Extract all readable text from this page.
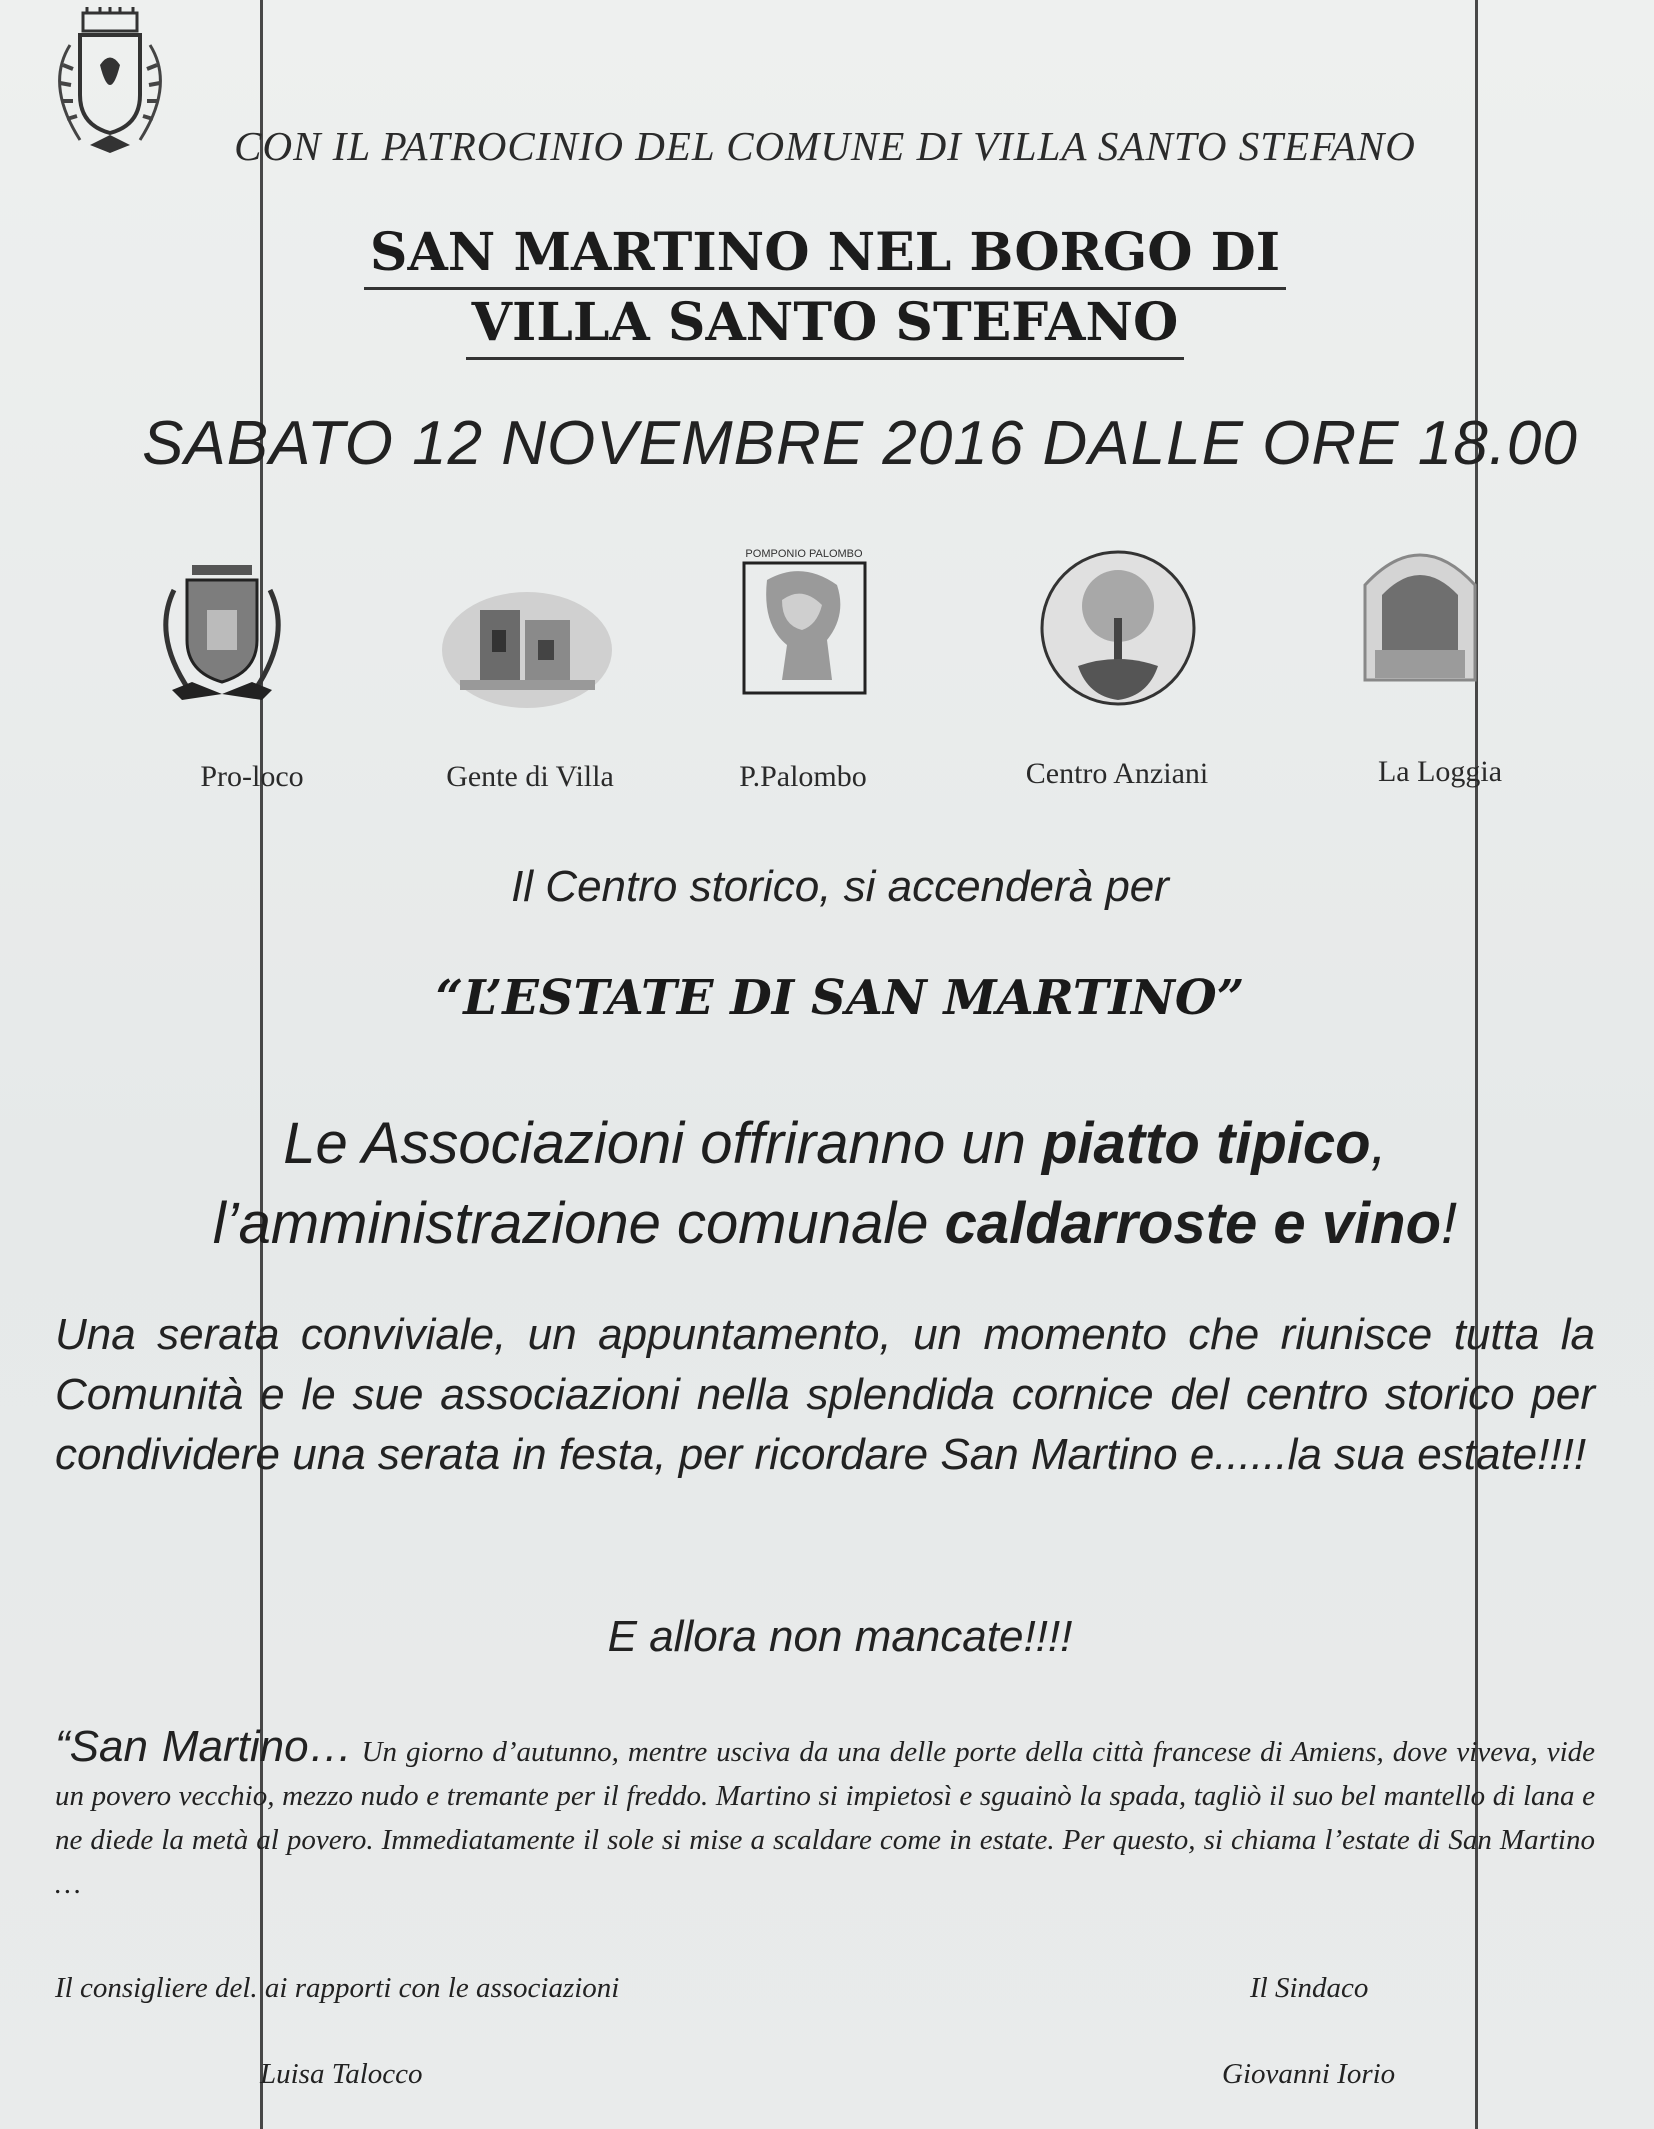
CON IL PATROCINIO DEL COMUNE DI VILLA SANTO STEFANO
SAN MARTINO NEL BORGO DI
VILLA SANTO STEFANO
SABATO 12 NOVEMBRE 2016 DALLE ORE 18.00
POMPONIO PALOMBO
Pro-loco	Gente di Villa	P.Palombo	Centro Anziani	La Loggia
Il Centro storico, si accenderà per
“L’ESTATE DI SAN MARTINO”
Le Associazioni offriranno un piatto tipico,
l’amministrazione comunale caldarroste e vino!
Una serata conviviale, un appuntamento, un momento che riunisce tutta la Comunità e le sue associazioni nella splendida cornice del centro storico per condividere una serata in festa, per ricordare San Martino e......la sua estate!!!!
E allora non mancate!!!!
“San Martino… Un giorno d’autunno, mentre usciva da una delle porte della città francese di Amiens, dove viveva, vide un povero vecchio, mezzo nudo e tremante per il freddo. Martino si impietosì e sguainò la spada, tagliò il suo bel mantello di lana e ne diede la metà al povero. Immediatamente il sole si mise a scaldare come in estate. Per questo, si chiama l’estate di San Martino …
Il consigliere del. ai rapporti con le associazioni	Il Sindaco
Luisa Talocco	Giovanni Iorio
